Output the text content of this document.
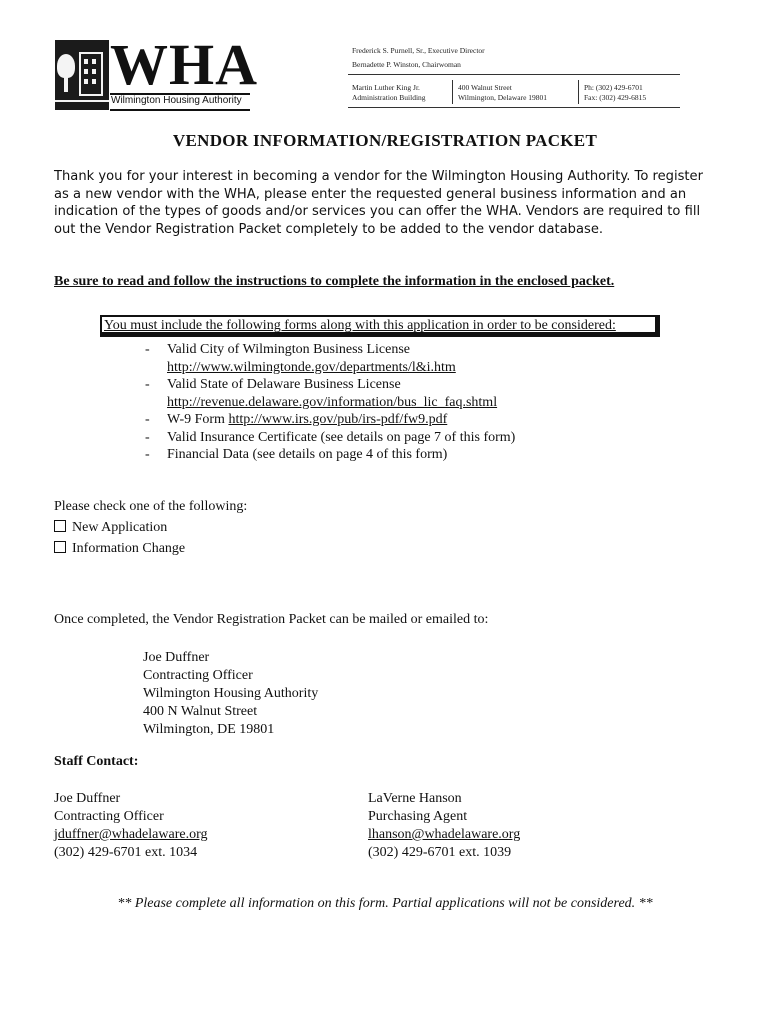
WHA
Wilmington Housing Authority
Frederick S. Purnell, Sr., Executive Director
Bernadette P. Winston, Chairwoman
Martin Luther King Jr.
Administration Building
400 Walnut Street
Wilmington, Delaware 19801
Ph: (302) 429-6701
Fax: (302) 429-6815
VENDOR INFORMATION/REGISTRATION PACKET
Thank you for your interest in becoming a vendor for the Wilmington Housing Authority. To register as a new vendor with the WHA, please enter the requested general business information and an indication of the types of goods and/or services you can offer the WHA. Vendors are required to fill out the Vendor Registration Packet completely to be added to the vendor database.
Be sure to read and follow the instructions to complete the information in the enclosed packet.
You must include the following forms along with this application in order to be considered:
-	Valid City of Wilmington Business License
http://www.wilmingtonde.gov/departments/l&i.htm
-	Valid State of Delaware Business License
http://revenue.delaware.gov/information/bus_lic_faq.shtml
-	W-9 Form http://www.irs.gov/pub/irs-pdf/fw9.pdf
-	Valid Insurance Certificate (see details on page 7 of this form)
-	Financial Data (see details on page 4 of this form)
Please check one of the following:
New Application
Information Change
Once completed, the Vendor Registration Packet can be mailed or emailed to:
Joe Duffner
Contracting Officer
Wilmington Housing Authority
400 N Walnut Street
Wilmington, DE 19801
Staff Contact:
Joe Duffner
Contracting Officer
jduffner@whadelaware.org
(302) 429-6701 ext. 1034
LaVerne Hanson
Purchasing Agent
lhanson@whadelaware.org
(302) 429-6701 ext. 1039
** Please complete all information on this form. Partial applications will not be considered. **
